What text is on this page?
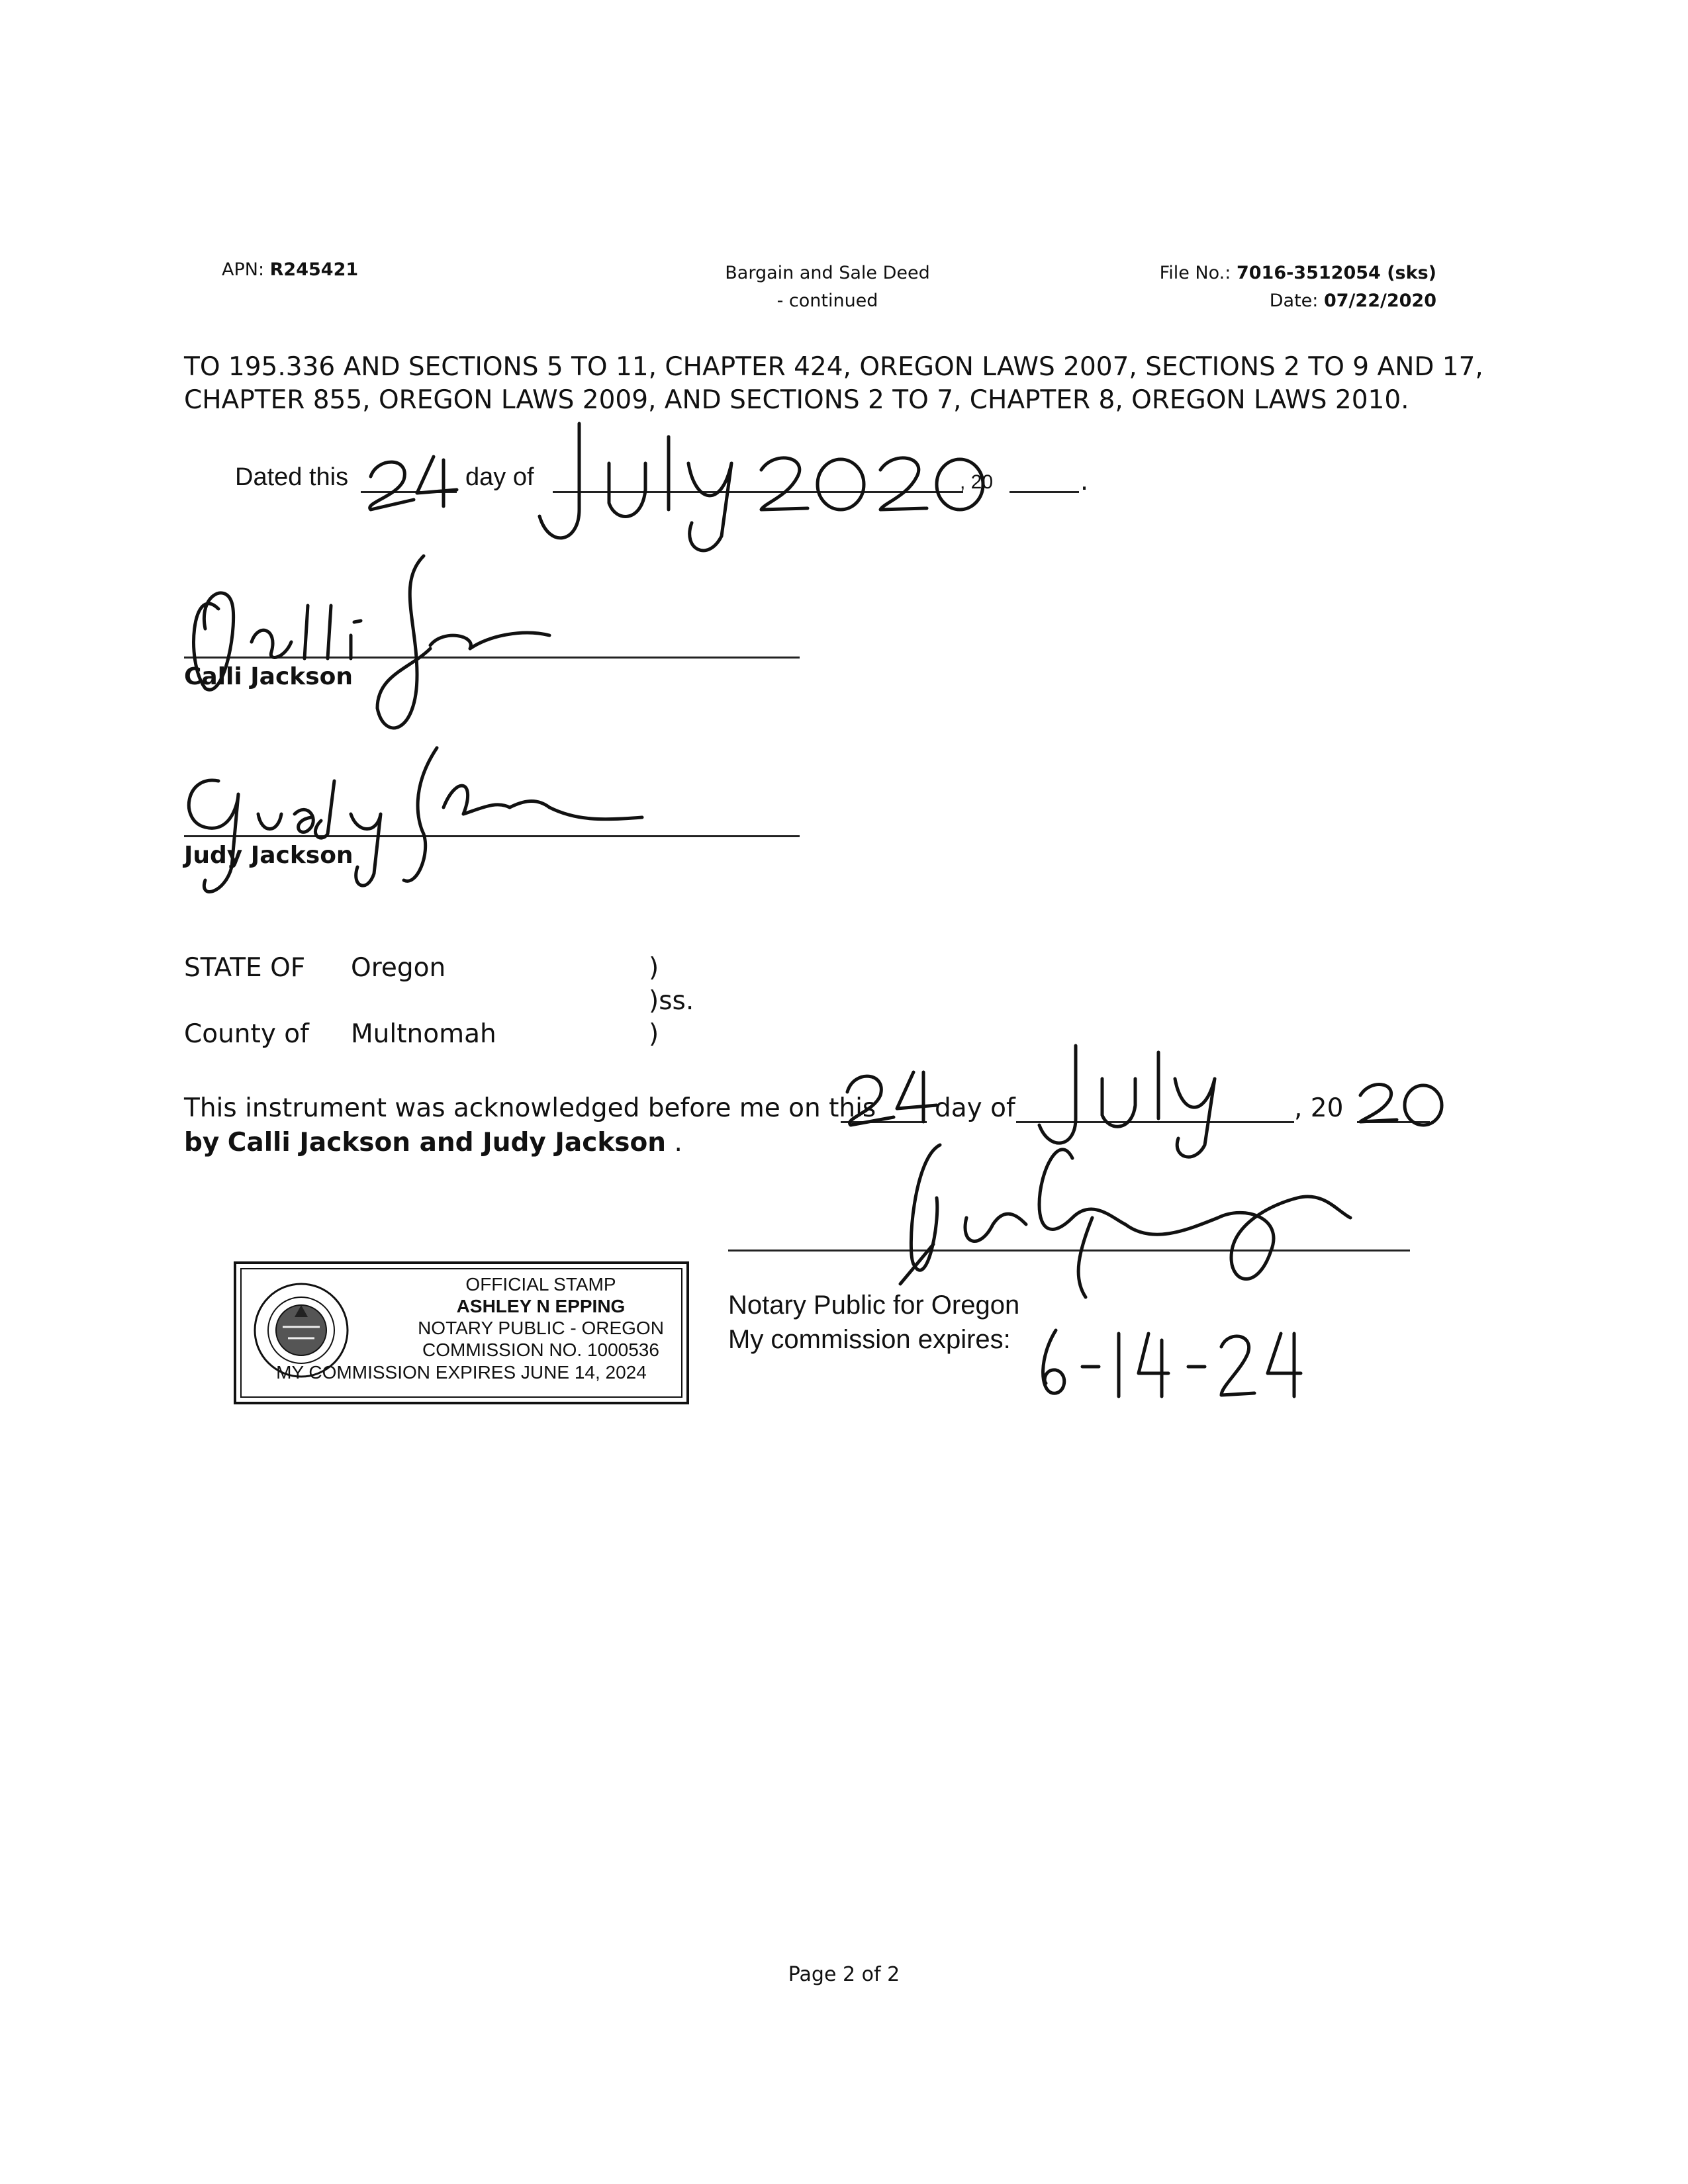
APN: R245421	Bargain and Sale Deed
- continued
File No.: 7016-3512054 (sks)
Date: 07/22/2020
TO 195.336 AND SECTIONS 5 TO 11, CHAPTER 424, OREGON LAWS 2007, SECTIONS 2 TO 9 AND 17,
CHAPTER 855, OREGON LAWS 2009, AND SECTIONS 2 TO 7, CHAPTER 8, OREGON LAWS 2010.
Dated this	day of	, 20	.
Calli Jackson
Judy Jackson
STATE OF Oregon	)
)ss.
County of Multnomah	)
This instrument was acknowledged before me on this day of	, 20
by Calli Jackson and Judy Jackson .
OFFICIAL STAMP
ASHLEY N EPPING
NOTARY PUBLIC - OREGON
COMMISSION NO. 1000536
MY COMMISSION EXPIRES JUNE 14, 2024
Notary Public for Oregon
My commission expires:
Page 2 of 2
